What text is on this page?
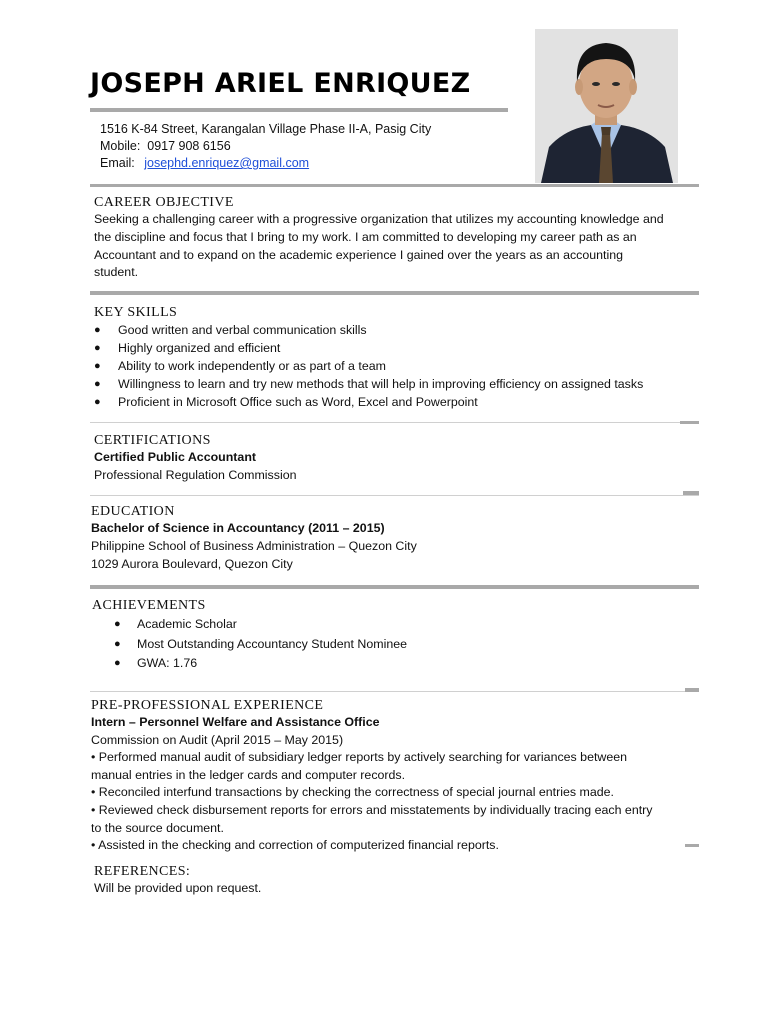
JOSEPH ARIEL ENRIQUEZ
1516 K-84 Street, Karangalan Village Phase II-A, Pasig City
Mobile: 0917 908 6156
Email: josephd.enriquez@gmail.com
CAREER OBJECTIVE

Seeking a challenging career with a progressive organization that utilizes my accounting knowledge and

the discipline and focus that I bring to my work. I am committed to developing my career path as an

Accountant and to expand on the academic experience I gained over the years as an accounting

student.

KEY SKILLS
● Good written and verbal communication skills
● Highly organized and efficient
● Ability to work independently or as part of a team
● Willingness to learn and try new methods that will help in improving efficiency on assigned tasks
● Proficient in Microsoft Office such as Word, Excel and Powerpoint
CERTIFICATIONS

Certified Public Accountant

Professional Regulation Commission

EDUCATION

Bachelor of Science in Accountancy (2011 – 2015)

Philippine School of Business Administration – Quezon City

1029 Aurora Boulevard, Quezon City

ACHIEVEMENTS
● Academic Scholar
● Most Outstanding Accountancy Student Nominee
● GWA: 1.76
PRE-PROFESSIONAL EXPERIENCE

Intern – Personnel Welfare and Assistance Office

Commission on Audit (April 2015 – May 2015)

• Performed manual audit of subsidiary ledger reports by actively searching for variances between

manual entries in the ledger cards and computer records.

• Reconciled interfund transactions by checking the correctness of special journal entries made.

• Reviewed check disbursement reports for errors and misstatements by individually tracing each entry

to the source document.

• Assisted in the checking and correction of computerized financial reports.

REFERENCES:

Will be provided upon request.
